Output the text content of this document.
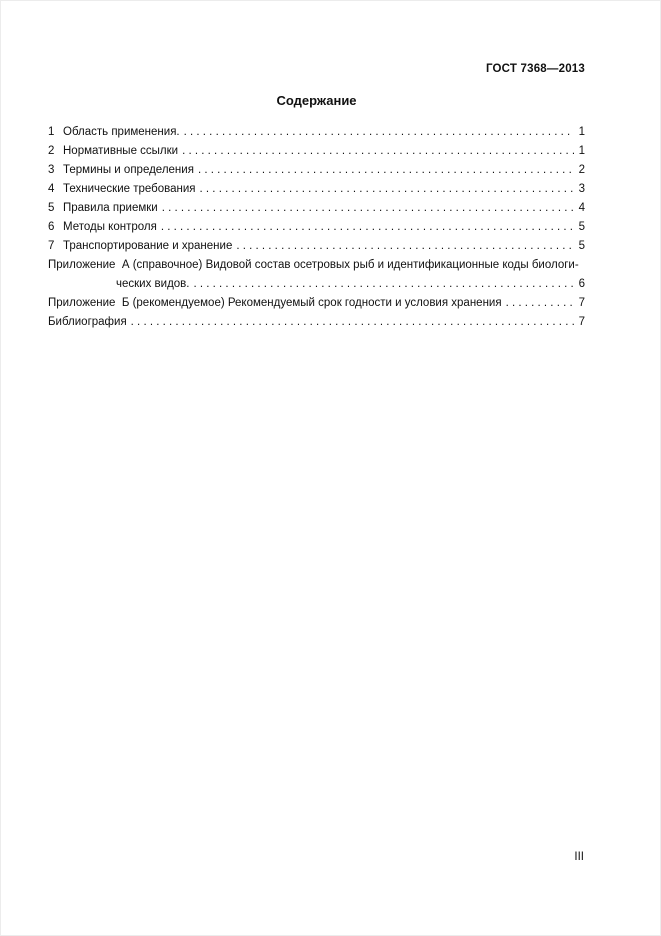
ГОСТ 7368—2013
Содержание
1 Область применения. . . .	1
2 Нормативные ссылки . . .	1
3 Термины и определения . . .	2
4 Технические требования . . .	3
5 Правила приемки . . .	4
6 Методы контроля . . .	5
7 Транспортирование и хранение . . .	5
Приложение  А (справочное) Видовой состав осетровых рыб и идентификационные коды биологи-
ческих видов. . . .	6
Приложение  Б (рекомендуемое) Рекомендуемый срок годности и условия хранения . . .	7
Библиография . . .	7
III
